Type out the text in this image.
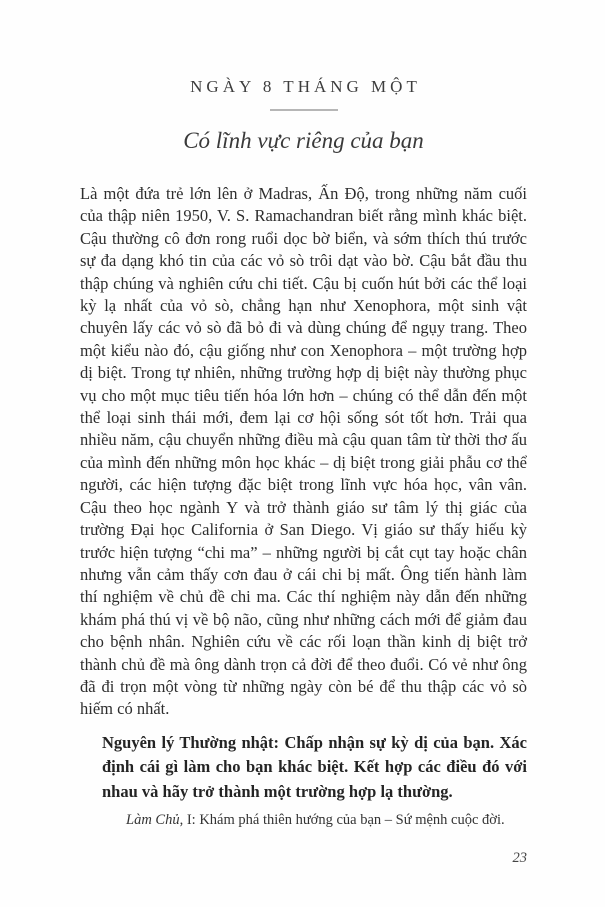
NGÀY 8 THÁNG MỘT
Có lĩnh vực riêng của bạn

Là một đứa trẻ lớn lên ở Madras, Ấn Độ, trong những năm cuối của thập niên 1950, V. S. Ramachandran biết rằng mình khác biệt. Cậu thường cô đơn rong ruổi dọc bờ biển, và sớm thích thú trước sự đa dạng khó tin của các vỏ sò trôi dạt vào bờ. Cậu bắt đầu thu thập chúng và nghiên cứu chi tiết. Cậu bị cuốn hút bởi các thể loại kỳ lạ nhất của vỏ sò, chẳng hạn như Xenophora, một sinh vật chuyên lấy các vỏ sò đã bỏ đi và dùng chúng để ngụy trang. Theo một kiểu nào đó, cậu giống như con Xenophora – một trường hợp dị biệt. Trong tự nhiên, những trường hợp dị biệt này thường phục vụ cho một mục tiêu tiến hóa lớn hơn – chúng có thể dẫn đến một thể loại sinh thái mới, đem lại cơ hội sống sót tốt hơn. Trải qua nhiều năm, cậu chuyển những điều mà cậu quan tâm từ thời thơ ấu của mình đến những môn học khác – dị biệt trong giải phẫu cơ thể người, các hiện tượng đặc biệt trong lĩnh vực hóa học, vân vân. Cậu theo học ngành Y và trở thành giáo sư tâm lý thị giác của trường Đại học California ở San Diego. Vị giáo sư thấy hiếu kỳ trước hiện tượng “chi ma” – những người bị cắt cụt tay hoặc chân nhưng vẫn cảm thấy cơn đau ở cái chi bị mất. Ông tiến hành làm thí nghiệm về chủ đề chi ma. Các thí nghiệm này dẫn đến những khám phá thú vị về bộ não, cũng như những cách mới để giảm đau cho bệnh nhân. Nghiên cứu về các rối loạn thần kinh dị biệt trở thành chủ đề mà ông dành trọn cả đời để theo đuổi. Có vẻ như ông đã đi trọn một vòng từ những ngày còn bé để thu thập các vỏ sò hiếm có nhất.

Nguyên lý Thường nhật: Chấp nhận sự kỳ dị của bạn. Xác định cái gì làm cho bạn khác biệt. Kết hợp các điều đó với nhau và hãy trở thành một trường hợp lạ thường.

Làm Chủ, I: Khám phá thiên hướng của bạn – Sứ mệnh cuộc đời.

23
